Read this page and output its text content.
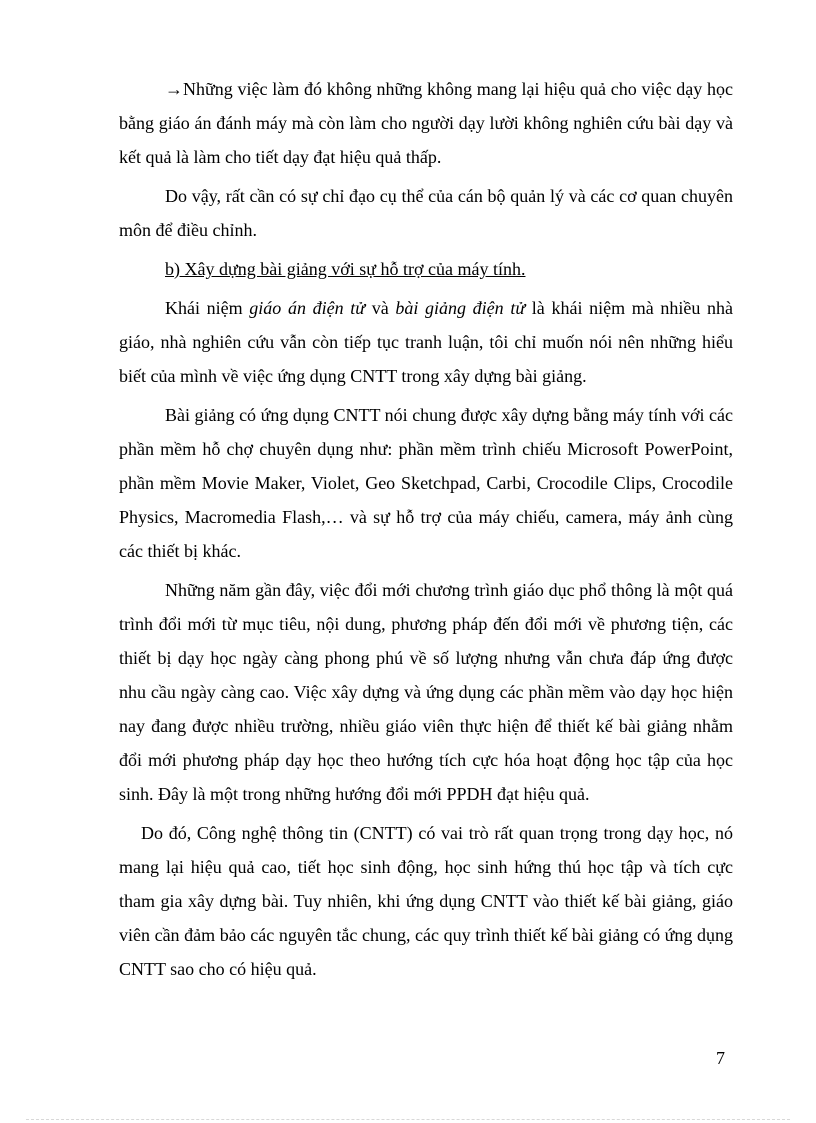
→Những việc làm đó không những không mang lại hiệu quả cho việc dạy học bằng giáo án đánh máy mà còn làm cho người dạy lười không nghiên cứu bài dạy và kết quả là làm cho tiết dạy đạt hiệu quả thấp.

Do vậy, rất cần có sự chỉ đạo cụ thể của cán bộ quản lý và các cơ quan chuyên môn để điều chỉnh.

b) Xây dựng bài giảng với sự hỗ trợ của máy tính.

Khái niệm giáo án điện tử và bài giảng điện tử là khái niệm mà nhiều nhà giáo, nhà nghiên cứu vẫn còn tiếp tục tranh luận, tôi chỉ muốn nói nên những hiểu biết của mình về việc ứng dụng CNTT trong xây dựng bài giảng.

Bài giảng có ứng dụng CNTT nói chung được xây dựng bằng máy tính với các phần mềm hỗ chợ chuyên dụng như: phần mềm trình chiếu Microsoft PowerPoint, phần mềm Movie Maker, Violet, Geo Sketchpad, Carbi, Crocodile Clips, Crocodile Physics, Macromedia Flash,… và sự hỗ trợ của máy chiếu, camera, máy ảnh cùng các thiết bị khác.

Những năm gần đây, việc đổi mới chương trình giáo dục phổ thông là một quá trình đổi mới từ mục tiêu, nội dung, phương pháp đến đổi mới về phương tiện, các thiết bị dạy học ngày càng phong phú về số lượng nhưng vẫn chưa đáp ứng được nhu cầu ngày càng cao. Việc xây dựng và ứng dụng các phần mềm vào dạy học hiện nay đang được nhiều trường, nhiều giáo viên thực hiện để thiết kế bài giảng nhằm đổi mới phương pháp dạy học theo hướng tích cực hóa hoạt động học tập của học sinh. Đây là một trong những hướng đổi mới PPDH đạt hiệu quả.

Do đó, Công nghệ thông tin (CNTT) có vai trò rất quan trọng trong dạy học, nó mang lại hiệu quả cao, tiết học sinh động, học sinh hứng thú học tập và tích cực tham gia xây dựng bài. Tuy nhiên, khi ứng dụng CNTT vào thiết kế bài giảng, giáo viên cần đảm bảo các nguyên tắc chung, các quy trình thiết kế bài giảng có ứng dụng CNTT sao cho có hiệu quả.

7
